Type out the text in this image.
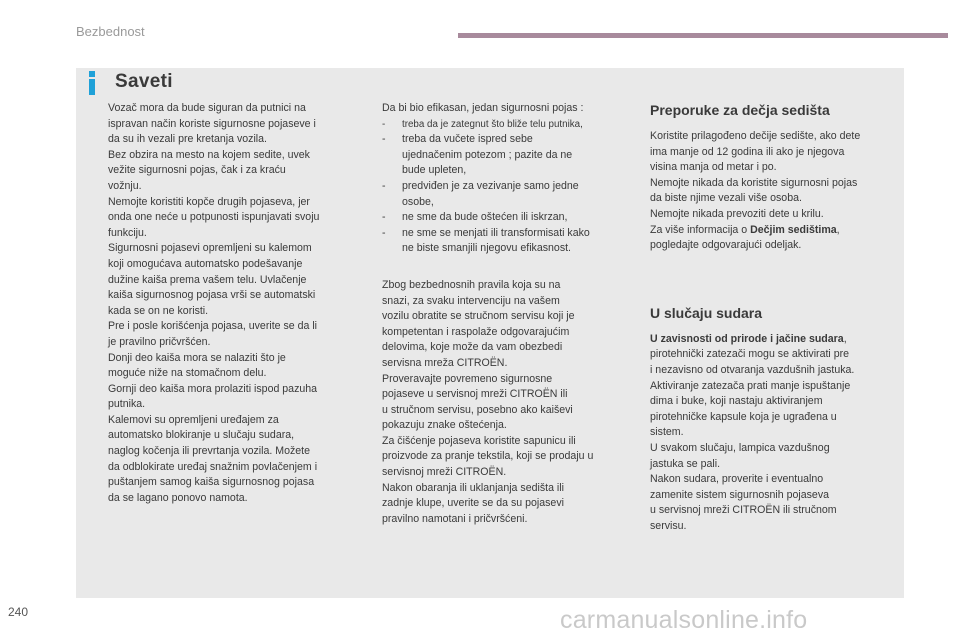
Bezbednost
Saveti

Vozač mora da bude siguran da putnici na
ispravan način koriste sigurnosne pojaseve i
da su ih vezali pre kretanja vozila.
Bez obzira na mesto na kojem sedite, uvek
vežite sigurnosni pojas, čak i za kraću
vožnju.
Nemojte koristiti kopče drugih pojaseva, jer
onda one neće u potpunosti ispunjavati svoju
funkciju.
Sigurnosni pojasevi opremljeni su kalemom
koji omogućava automatsko podešavanje
dužine kaiša prema vašem telu. Uvlačenje
kaiša sigurnosnog pojasa vrši se automatski
kada se on ne koristi.
Pre i posle korišćenja pojasa, uverite se da li
je pravilno pričvršćen.
Donji deo kaiša mora se nalaziti što je
moguće niže na stomačnom delu.
Gornji deo kaiša mora prolaziti ispod pazuha
putnika.
Kalemovi su opremljeni uređajem za
automatsko blokiranje u slučaju sudara,
naglog kočenja ili prevrtanja vozila. Možete
da odblokirate uređaj snažnim povlačenjem i
puštanjem samog kaiša sigurnosnog pojasa
da se lagano ponovo namota.

Da bi bio efikasan, jedan sigurnosni pojas :

- treba da je zategnut što bliže telu putnika,
- treba da vučete ispred sebe
ujednačenim potezom ; pazite da ne
bude upleten,
- predviđen je za vezivanje samo jedne
osobe,
- ne sme da bude oštećen ili iskrzan,
- ne sme se menjati ili transformisati kako
ne biste smanjili njegovu efikasnost.

Zbog bezbednosnih pravila koja su na
snazi, za svaku intervenciju na vašem
vozilu obratite se stručnom servisu koji je
kompetentan i raspolaže odgovarajućim
delovima, koje može da vam obezbedi
servisna mreža CITROËN.
Proveravajte povremeno sigurnosne
pojaseve u servisnoj mreži CITROËN ili
u stručnom servisu, posebno ako kaiševi
pokazuju znake oštećenja.
Za čišćenje pojaseva koristite sapunicu ili
proizvode za pranje tekstila, koji se prodaju u
servisnoj mreži CITROËN.
Nakon obaranja ili uklanjanja sedišta ili
zadnje klupe, uverite se da su pojasevi
pravilno namotani i pričvršćeni.

Preporuke za dečja sedišta

Koristite prilagođeno dečije sedište, ako dete
ima manje od 12 godina ili ako je njegova
visina manja od metar i po.
Nemojte nikada da koristite sigurnosni pojas
da biste njime vezali više osoba.
Nemojte nikada prevoziti dete u krilu.
Za više informacija o Dečjim sedištima,
pogledajte odgovarajući odeljak.

U slučaju sudara

U zavisnosti od prirode i jačine sudara,
pirotehnički zatezači mogu se aktivirati pre
i nezavisno od otvaranja vazdušnih jastuka.
Aktiviranje zatezača prati manje ispuštanje
dima i buke, koji nastaju aktiviranjem
pirotehničke kapsule koja je ugrađena u
sistem.
U svakom slučaju, lampica vazdušnog
jastuka se pali.
Nakon sudara, proverite i eventualno
zamenite sistem sigurnosnih pojaseva
u servisnoj mreži CITROËN ili stručnom
servisu.

240	carmanualsonline.info
